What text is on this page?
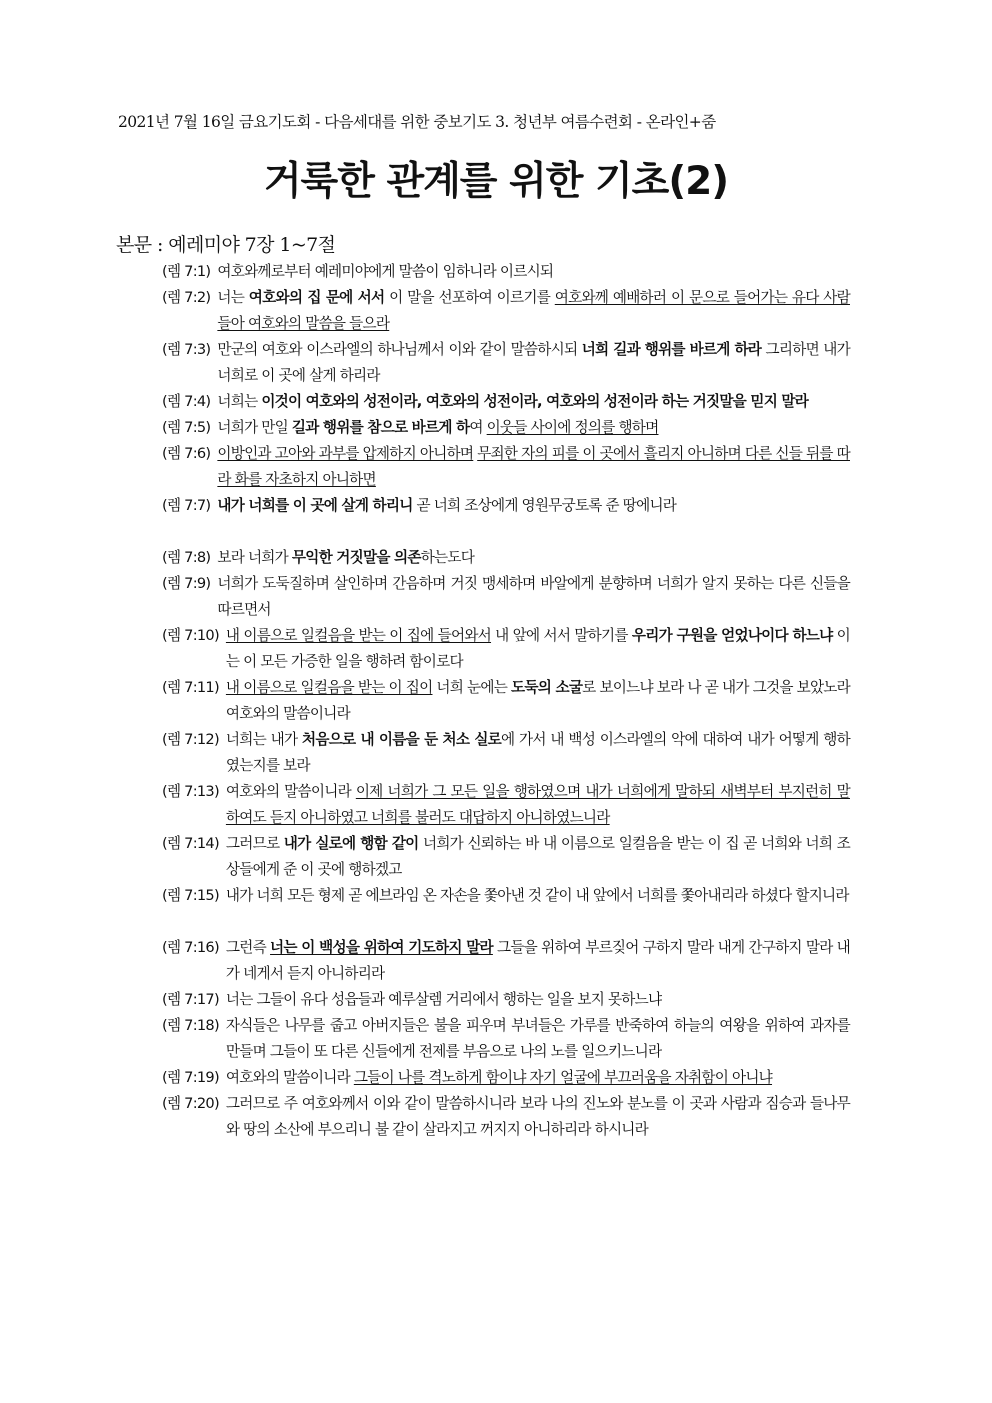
2021년 7월 16일 금요기도회 - 다음세대를 위한 중보기도 3. 청년부 여름수련회 - 온라인+줌
거룩한 관계를 위한 기초(2)
본문 : 예레미야 7장 1~7절
(렘 7:1) 여호와께로부터 예레미야에게 말씀이 임하니라 이르시되
(렘 7:2) 너는 여호와의 집 문에 서서 이 말을 선포하여 이르기를 여호와께 예배하러 이 문으로 들어가는 유다 사람들아 여호와의 말씀을 들으라
(렘 7:3) 만군의 여호와 이스라엘의 하나님께서 이와 같이 말씀하시되 너희 길과 행위를 바르게 하라 그리하면 내가 너희로 이 곳에 살게 하리라
(렘 7:4) 너희는 이것이 여호와의 성전이라, 여호와의 성전이라, 여호와의 성전이라 하는 거짓말을 믿지 말라
(렘 7:5) 너희가 만일 길과 행위를 참으로 바르게 하여 이웃들 사이에 정의를 행하며
(렘 7:6) 이방인과 고아와 과부를 압제하지 아니하며 무죄한 자의 피를 이 곳에서 흘리지 아니하며 다른 신들 뒤를 따라 화를 자초하지 아니하면
(렘 7:7) 내가 너희를 이 곳에 살게 하리니 곧 너희 조상에게 영원무궁토록 준 땅에니라
(렘 7:8) 보라 너희가 무익한 거짓말을 의존하는도다
(렘 7:9) 너희가 도둑질하며 살인하며 간음하며 거짓 맹세하며 바알에게 분향하며 너희가 알지 못하는 다른 신들을 따르면서
(렘 7:10) 내 이름으로 일컬음을 받는 이 집에 들어와서 내 앞에 서서 말하기를 우리가 구원을 얻었나이다 하느냐 이는 이 모든 가증한 일을 행하려 함이로다
(렘 7:11) 내 이름으로 일컬음을 받는 이 집이 너희 눈에는 도둑의 소굴로 보이느냐 보라 나 곧 내가 그것을 보았노라 여호와의 말씀이니라
(렘 7:12) 너희는 내가 처음으로 내 이름을 둔 처소 실로에 가서 내 백성 이스라엘의 악에 대하여 내가 어떻게 행하였는지를 보라
(렘 7:13) 여호와의 말씀이니라 이제 너희가 그 모든 일을 행하였으며 내가 너희에게 말하되 새벽부터 부지런히 말하여도 듣지 아니하였고 너희를 불러도 대답하지 아니하였느니라
(렘 7:14) 그러므로 내가 실로에 행함 같이 너희가 신뢰하는 바 내 이름으로 일컬음을 받는 이 집 곧 너희와 너희 조상들에게 준 이 곳에 행하겠고
(렘 7:15) 내가 너희 모든 형제 곧 에브라임 온 자손을 쫓아낸 것 같이 내 앞에서 너희를 쫓아내리라 하셨다 할지니라
(렘 7:16) 그런즉 너는 이 백성을 위하여 기도하지 말라 그들을 위하여 부르짖어 구하지 말라 내게 간구하지 말라 내가 네게서 듣지 아니하리라
(렘 7:17) 너는 그들이 유다 성읍들과 예루살렘 거리에서 행하는 일을 보지 못하느냐
(렘 7:18) 자식들은 나무를 줍고 아버지들은 불을 피우며 부녀들은 가루를 반죽하여 하늘의 여왕을 위하여 과자를 만들며 그들이 또 다른 신들에게 전제를 부음으로 나의 노를 일으키느니라
(렘 7:19) 여호와의 말씀이니라 그들이 나를 격노하게 함이냐 자기 얼굴에 부끄러움을 자취함이 아니냐
(렘 7:20) 그러므로 주 여호와께서 이와 같이 말씀하시니라 보라 나의 진노와 분노를 이 곳과 사람과 짐승과 들나무와 땅의 소산에 부으리니 불 같이 살라지고 꺼지지 아니하리라 하시니라
